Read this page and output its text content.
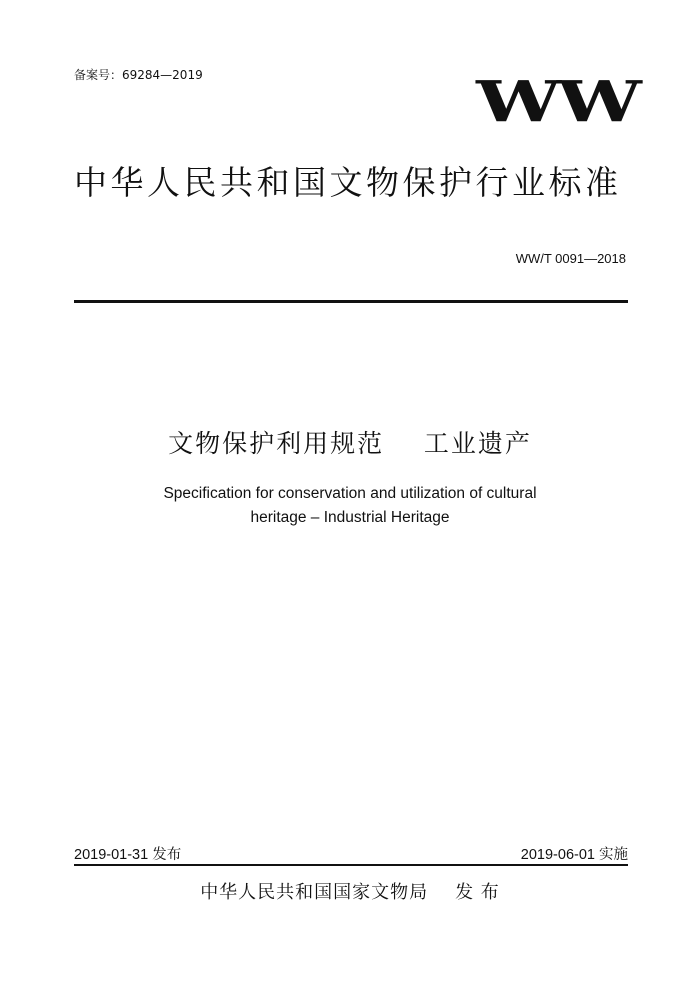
备案号：69284—2019	WW
中华人民共和国文物保护行业标准
WW/T 0091—2018
文物保护利用规范    工业遗产
Specification for conservation and utilization of cultural
heritage – Industrial Heritage
2019-01-31 发布	2019-06-01 实施
中华人民共和国国家文物局    发 布
